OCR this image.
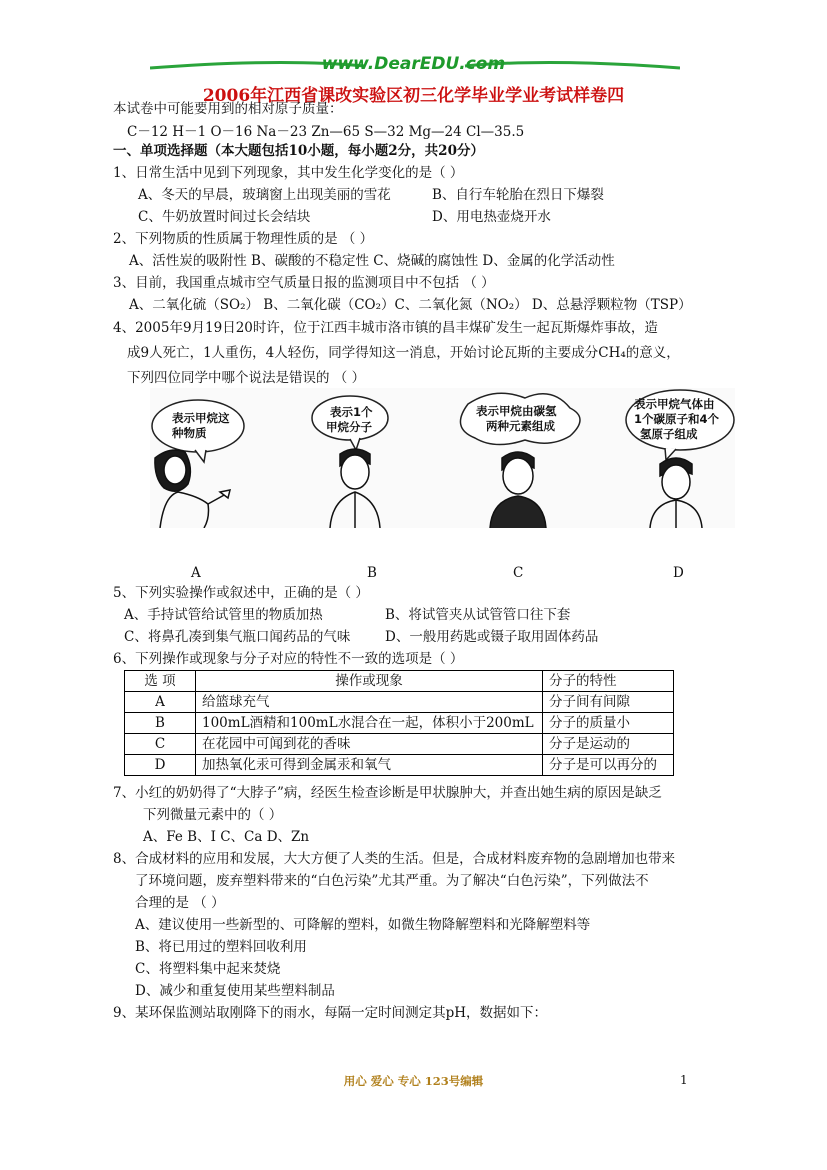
www.DearEDU.com
2006年江西省课改实验区初三化学毕业学业考试样卷四
本试卷中可能要用到的相对原子质量：
C－12 H－1 O－16 Na－23 Zn—65 S—32 Mg—24 Cl—35.5
一、单项选择题（本大题包括10小题，每小题2分，共20分）
1、日常生活中见到下列现象，其中发生化学变化的是（ ）
A、冬天的早晨，玻璃窗上出现美丽的雪花	B、自行车轮胎在烈日下爆裂
C、牛奶放置时间过长会结块	D、用电热壶烧开水
2、下列物质的性质属于物理性质的是 （ ）
A、活性炭的吸附性 B、碳酸的不稳定性 C、烧碱的腐蚀性 D、金属的化学活动性
3、目前，我国重点城市空气质量日报的监测项目中不包括 （ ）
A、二氧化硫（SO₂） B、二氧化碳（CO₂）C、二氧化氮（NO₂） D、总悬浮颗粒物（TSP）
4、2005年9月19日20时许，位于江西丰城市洛市镇的昌丰煤矿发生一起瓦斯爆炸事故，造
成9人死亡，1人重伤，4人轻伤，同学得知这一消息，开始讨论瓦斯的主要成分CH₄的意义，
下列四位同学中哪个说法是错误的 （ ）
表示甲烷这
种物质
表示1个
甲烷分子
表示甲烷由碳氢
两种元素组成
表示甲烷气体由
1个碳原子和4个
氢原子组成
A	B	C	D
5、下列实验操作或叙述中，正确的是（ ）
A、手持试管给试管里的物质加热	B、将试管夹从试管管口往下套
C、将鼻孔凑到集气瓶口闻药品的气味	D、一般用药匙或镊子取用固体药品
6、下列操作或现象与分子对应的特性不一致的选项是（ ）
选 项	操作或现象	分子的特性
A	给篮球充气	分子间有间隙
B	100mL酒精和100mL水混合在一起，体积小于200mL	分子的质量小
C	在花园中可闻到花的香味	分子是运动的
D	加热氧化汞可得到金属汞和氧气	分子是可以再分的
7、小红的奶奶得了“大脖子”病，经医生检查诊断是甲状腺肿大，并查出她生病的原因是缺乏
下列微量元素中的（ ）
A、Fe B、I C、Ca D、Zn
8、合成材料的应用和发展，大大方便了人类的生活。但是，合成材料废弃物的急剧增加也带来
了环境问题，废弃塑料带来的“白色污染”尤其严重。为了解决“白色污染”，下列做法不
合理的是 （ ）
A、建议使用一些新型的、可降解的塑料，如微生物降解塑料和光降解塑料等
B、将已用过的塑料回收利用
C、将塑料集中起来焚烧
D、减少和重复使用某些塑料制品
9、某环保监测站取刚降下的雨水，每隔一定时间测定其pH，数据如下：
用心 爱心 专心 123号编辑	1
